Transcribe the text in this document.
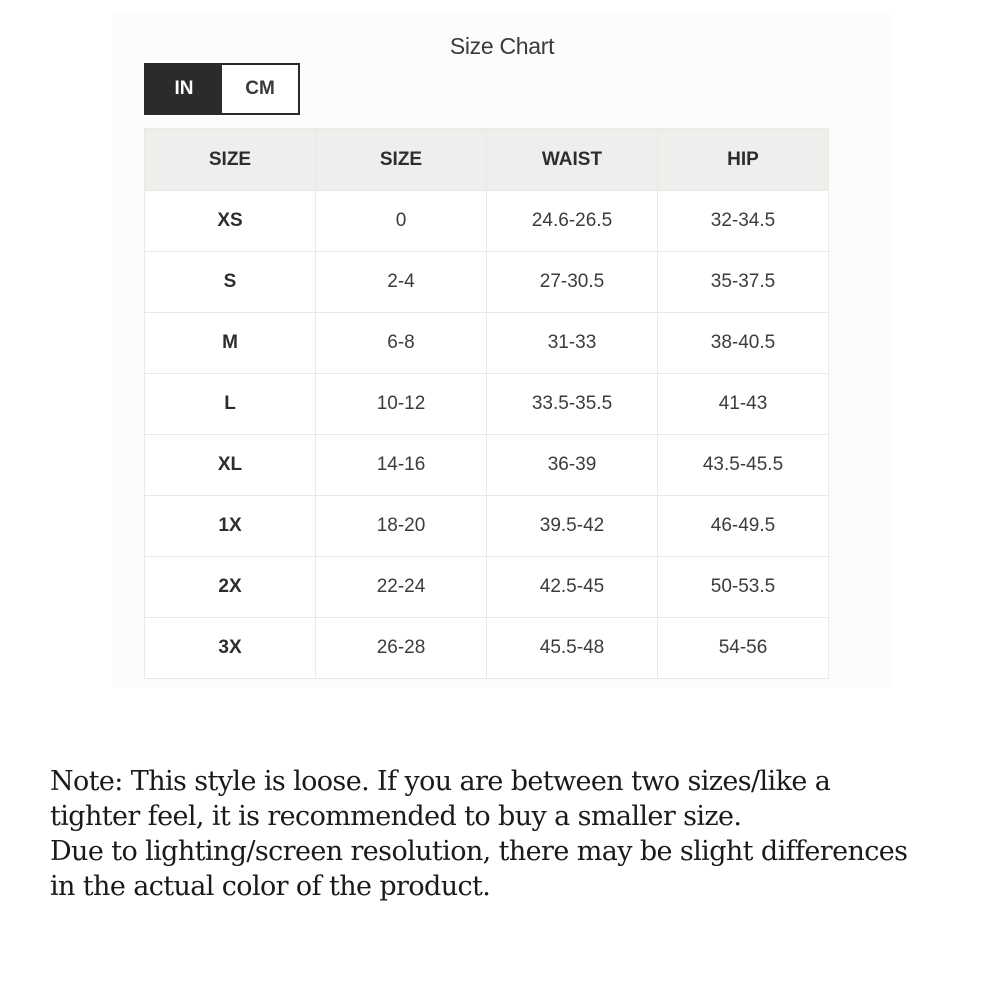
Size Chart
IN	CM
SIZE	SIZE	WAIST	HIP
XS	0	24.6-26.5	32-34.5
S	2-4	27-30.5	35-37.5
M	6-8	31-33	38-40.5
L	10-12	33.5-35.5	41-43
XL	14-16	36-39	43.5-45.5
1X	18-20	39.5-42	46-49.5
2X	22-24	42.5-45	50-53.5
3X	26-28	45.5-48	54-56
Note: This style is loose. If you are between two sizes/like a
tighter feel, it is recommended to buy a smaller size.
Due to lighting/screen resolution, there may be slight differences
in the actual color of the product.
